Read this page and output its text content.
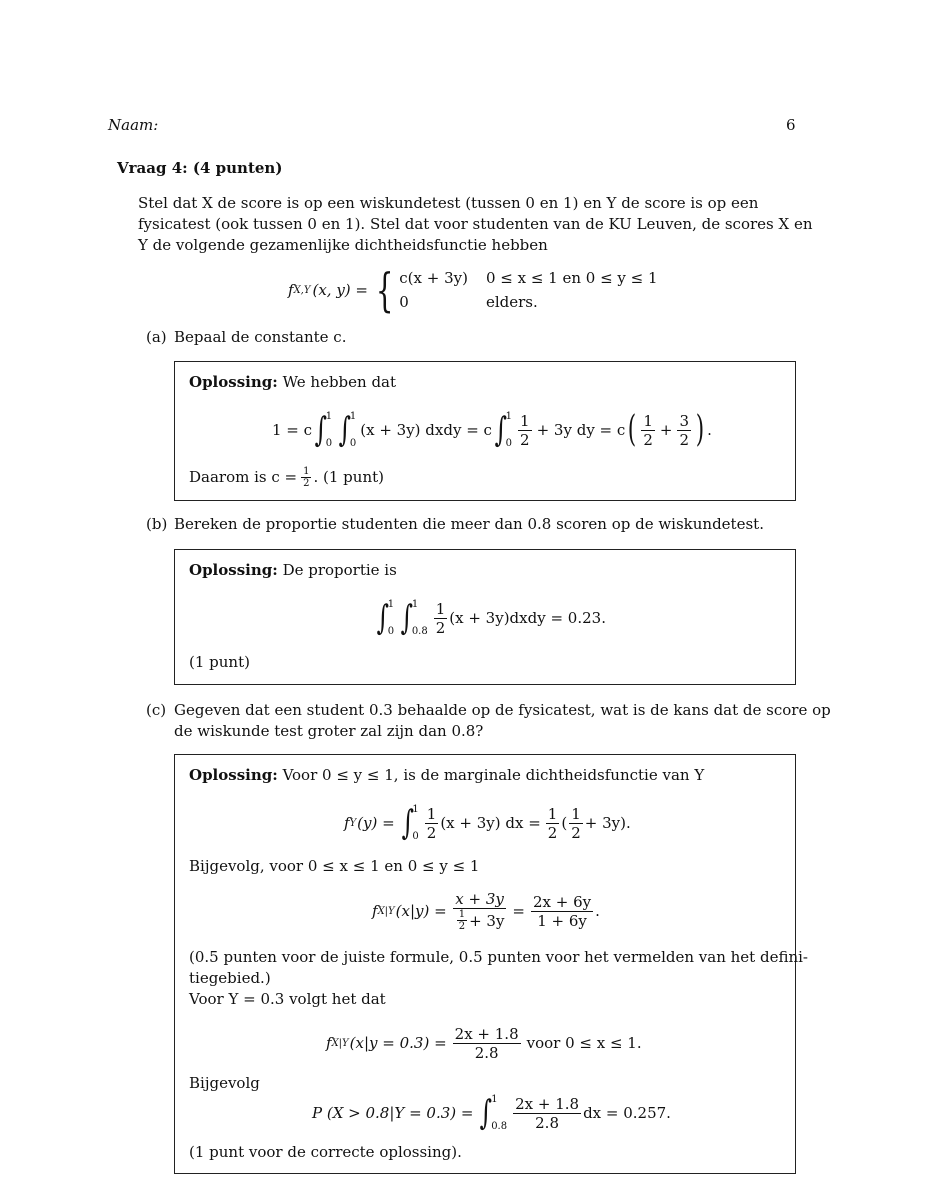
Naam:	6
Vraag 4: (4 punten)
Stel dat X de score is op een wiskundetest (tussen 0 en 1) en Y de score is op een
fysicatest (ook tussen 0 en 1). Stel dat voor studenten van de KU Leuven, de scores X en
Y de volgende gezamenlijke dichtheidsfunctie hebben
f X,Y (x, y) = { c(x + 3y) 0 ≤ x ≤ 1 en 0 ≤ y ≤ 1
0	elders.
(a) Bepaal de constante c.
Oplossing: We hebben dat
1 = c ∫
1
0 ∫
1
0
(x + 3y) dxdy = c ∫
1
$0 \frac{1}{2} + 3y$ dy = c ( $\frac{1}{2} + \frac{3}{2}$ ) .
Daarom is $c = \frac{1}{2}$ . (1 punt)
(b) Bereken de proportie studenten die meer dan 0.8 scoren op de wiskundetest.
Oplossing: De proportie is
∫
1
0 ∫
1
$0.8 \frac{1}{2} (x$ + 3y)dxdy = 0.23.
(1 punt)
(c) Gegeven dat een student 0.3 behaalde op de fysicatest, wat is de kans dat de score op
de wiskunde test groter zal zijn dan 0.8?
Oplossing: Voor 0 ≤ y ≤ 1, is de marginale dichtheidsfunctie van Y
f Y (y) = ∫
1
$0 \frac{1}{2} (x + 3y)$ dx = $\frac{1}{2}$ ( $\frac{1}{2} + 3y$).
Bijgevolg, voor 0 ≤ x ≤ 1 en 0 ≤ y ≤ 1
f X|Y $(x|y) = \frac{x + 3y}{\frac{1}{2} + 3y} = \frac{2x + 6y}{1 + 6y}$ .
(0.5 punten voor de juiste formule, 0.5 punten voor het vermelden van het defini-
tiegebied.)
Voor Y = 0.3 volgt het dat
f X|Y $(x|y = 0.3) = \frac{2x + 1.8}{2.8}$ voor 0 ≤ x ≤ 1.
Bijgevolg
P (X > 0.8|Y = 0.3) = ∫
1
$0.8 \frac{2x + 1.8}{2.8}$ dx = 0.257.
(1 punt voor de correcte oplossing).
